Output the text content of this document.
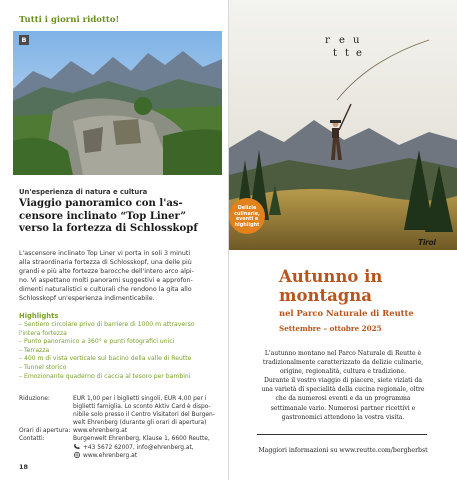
Tutti i giorni ridotto!
B
Un'esperienza di natura e cultura
Viaggio panoramico con l'as-
censore inclinato “Top Liner”
verso la fortezza di Schlosskopf
L'ascensore inclinato Top Liner vi porta in soli 3 minuti
alla straordinaria fortezza di Schlosskopf, una delle più
grandi e più alte fortezze barocche dell'intero arco alpi-
no. Vi aspettano molti panorami suggestivi e approfon-
dimenti naturalistici e culturali che rendono la gita allo
Schlosskopf un'esperienza indimenticabile.
Highlights
– Sentiero circolare privo di barriere di 1000 m attraverso
l'intera fortezza
– Punto panoramico a 360° e punti fotografici unici
– Terrazza
– 400 m di vista verticale sul bacino della valle di Reutte
– Tunnel storico
– Emozionante quaderno di caccia al tesoro per bambini
Riduzione:	EUR 1,00 per i biglietti singoli, EUR 4,00 per i
biglietti famiglia. Lo sconto Aktiv Card è dispo-
nibile solo presso il Centro Visitatori del Burgen-
welt Ehrenberg (durante gli orari di apertura)
Orari di apertura: www.ehrenberg.at
Contatti:	Burgenwelt Ehrenberg, Klause 1, 6600 Reutte,
+43 5672 62007, info@ehrenberg.at,
www.ehrenberg.at
18
r e u
t t e
Delizie
culinarie,
eventi e
highlight
Tirol
Autunno in
montagna
nel Parco Naturale di Reutte
Settembre – ottobre 2025
L'autunno montano nel Parco Naturale di Reutte è
tradizionalmente caratterizzato da delizie culinarie,
origine, regionalità, cultura e tradizione.
Durante il vostro viaggio di piacere, siete viziati da
una varietà di specialità della cucina regionale, oltre
che da numerosi eventi e da un programma
settimanale vario. Numerosi partner ricettivi e
gastronomici attendono la vostra visita.
Maggiori informazioni su www.reutte.com/bergherbst
